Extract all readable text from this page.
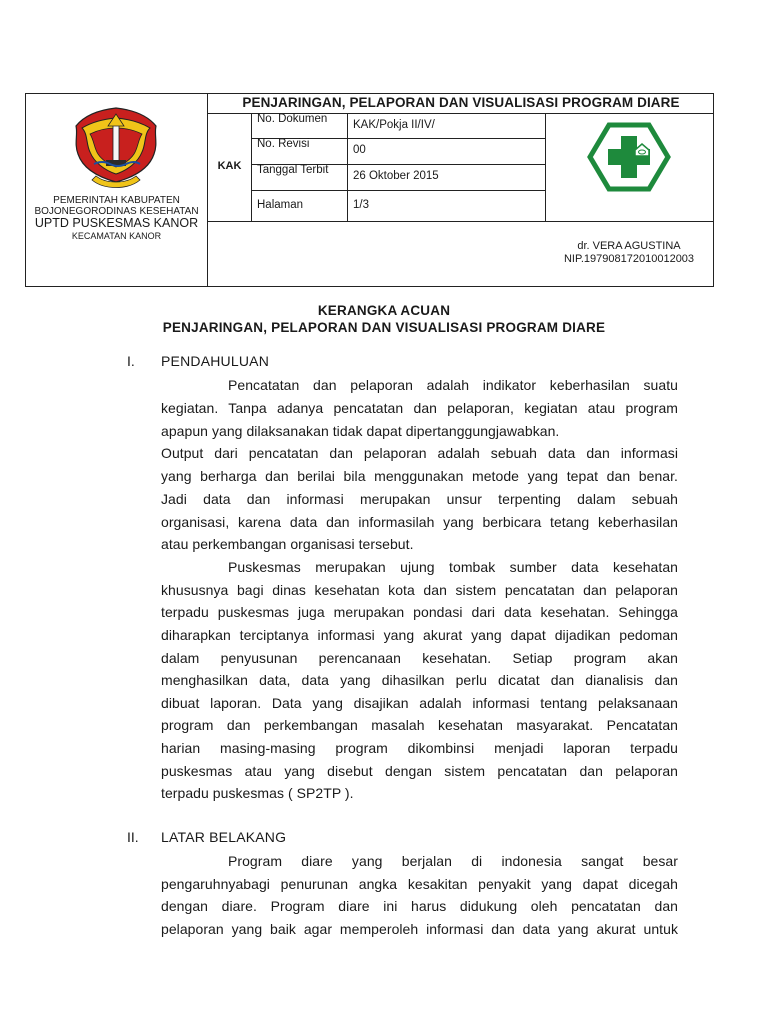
PEMERINTAH KABUPATEN
BOJONEGORODINAS KESEHATAN
UPTD PUSKESMAS KANOR
KECAMATAN KANOR
PENJARINGAN, PELAPORAN DAN VISUALISASI PROGRAM DIARE
KAK
No. Dokumen KAK/Pokja II/IV/
No. Revisi	00
Tanggal Terbit 26 Oktober 2015
Halaman	1/3
dr. VERA AGUSTINA
NIP.197908172010012003
KERANGKA ACUAN
PENJARINGAN, PELAPORAN DAN VISUALISASI PROGRAM DIARE
I. PENDAHULUAN
Pencatatan dan pelaporan adalah indikator keberhasilan suatu
kegiatan. Tanpa adanya pencatatan dan pelaporan, kegiatan atau program
apapun yang dilaksanakan tidak dapat dipertanggungjawabkan.
Output dari pencatatan dan pelaporan adalah sebuah data dan informasi
yang berharga dan berilai bila menggunakan metode yang tepat dan benar.
Jadi data dan informasi merupakan unsur terpenting dalam sebuah
organisasi, karena data dan informasilah yang berbicara tetang keberhasilan
atau perkembangan organisasi tersebut.
Puskesmas merupakan ujung tombak sumber data kesehatan
khususnya bagi dinas kesehatan kota dan sistem pencatatan dan pelaporan
terpadu puskesmas juga merupakan pondasi dari data kesehatan. Sehingga
diharapkan terciptanya informasi yang akurat yang dapat dijadikan pedoman
dalam penyusunan perencanaan kesehatan. Setiap program akan
menghasilkan data, data yang dihasilkan perlu dicatat dan dianalisis dan
dibuat laporan. Data yang disajikan adalah informasi tentang pelaksanaan
program dan perkembangan masalah kesehatan masyarakat. Pencatatan
harian masing-masing program dikombinsi menjadi laporan terpadu
puskesmas atau yang disebut dengan sistem pencatatan dan pelaporan
terpadu puskesmas ( SP2TP ).
II. LATAR BELAKANG
Program diare yang berjalan di indonesia sangat besar
pengaruhnyabagi penurunan angka kesakitan penyakit yang dapat dicegah
dengan diare. Program diare ini harus didukung oleh pencatatan dan
pelaporan yang baik agar memperoleh informasi dan data yang akurat untuk
